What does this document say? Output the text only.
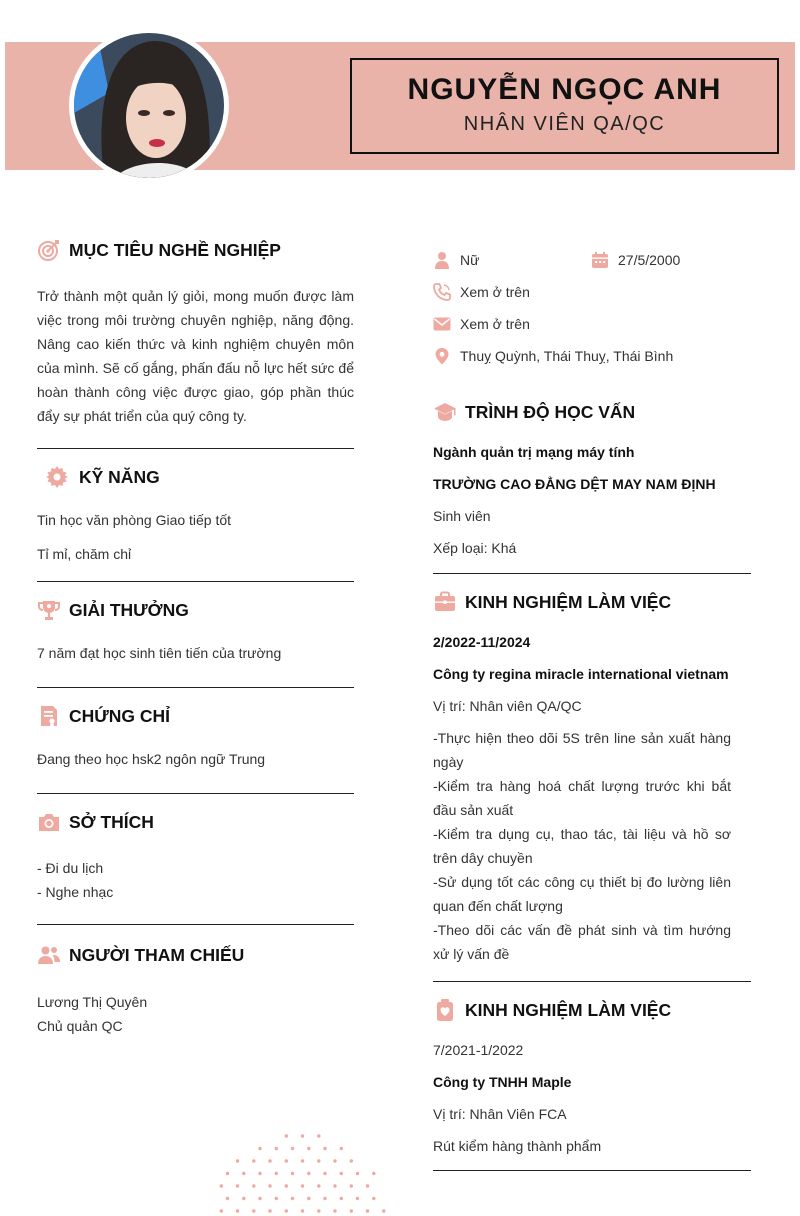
NGUYỄN NGỌC ANH
NHÂN VIÊN QA/QC
MỤC TIÊU NGHỀ NGHIỆP

Trở thành một quản lý giỏi, mong muốn được làm việc trong môi trường chuyên nghiệp, năng động. Nâng cao kiến thức và kinh nghiệm chuyên môn của mình. Sẽ cố gắng, phấn đấu nỗ lực hết sức để hoàn thành công việc được giao, góp phần thúc đẩy sự phát triển của quý công ty.

KỸ NĂNG
Tin học văn phòng Giao tiếp tốt
Tỉ mỉ, chăm chỉ
GIẢI THƯỞNG
7 năm đạt học sinh tiên tiến của trường
CHỨNG CHỈ
Đang theo học hsk2 ngôn ngữ Trung
SỞ THÍCH
- Đi du lịch
- Nghe nhạc
NGƯỜI THAM CHIẾU
Lương Thị Quyên
Chủ quản QC
Nữ	27/5/2000
Xem ở trên
Xem ở trên
Thuỵ Quỳnh, Thái Thuỵ, Thái Bình
TRÌNH ĐỘ HỌC VẤN
Ngành quản trị mạng máy tính
TRƯỜNG CAO ĐẲNG DỆT MAY NAM ĐỊNH
Sinh viên
Xếp loại: Khá
KINH NGHIỆM LÀM VIỆC
2/2022-11/2024
Công ty regina miracle international vietnam
Vị trí: Nhân viên QA/QC
-Thực hiện theo dõi 5S trên line sản xuất hàng ngày
-Kiểm tra hàng hoá chất lượng trước khi bắt đầu sản xuất
-Kiểm tra dụng cụ, thao tác, tài liệu và hồ sơ trên dây chuyền
-Sử dụng tốt các công cụ thiết bị đo lường liên quan đến chất lượng
-Theo dõi các vấn đề phát sinh và tìm hướng xử lý vấn đề
KINH NGHIỆM LÀM VIỆC
7/2021-1/2022
Công ty TNHH Maple
Vị trí: Nhân Viên FCA
Rút kiểm hàng thành phẩm
